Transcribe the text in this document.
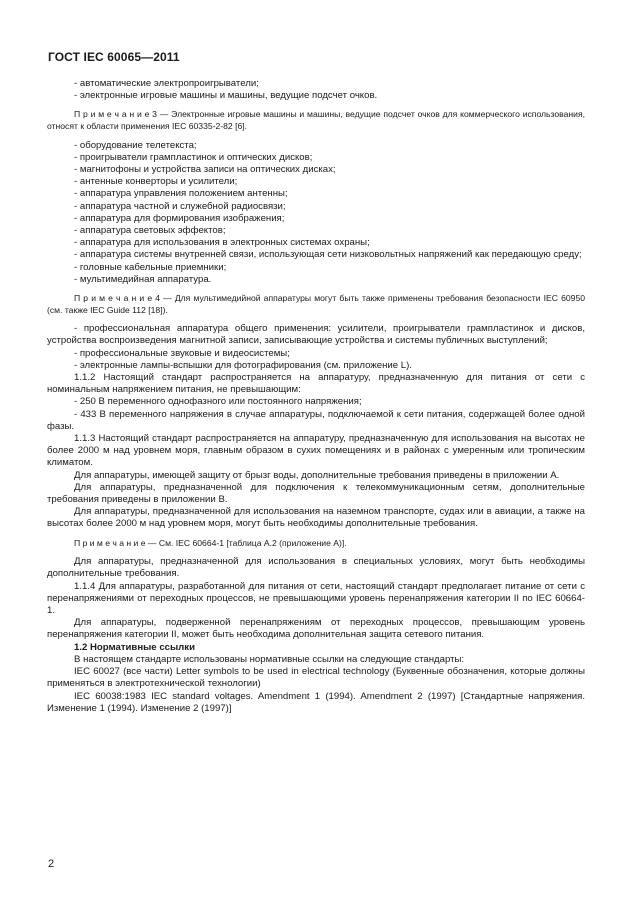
ГОСТ IEC 60065—2011

- автоматические электропроигрыватели;

- электронные игровые машины и машины, ведущие подсчет очков.

П р и м е ч а н и е 3 — Электронные игровые машины и машины, ведущие подсчет очков для коммерческого использования, относят к области применения IEC 60335-2-82 [6].

- оборудование телетекста;

- проигрыватели грампластинок и оптических дисков;

- магнитофоны и устройства записи на оптических дисках;

- антенные конверторы и усилители;

- аппаратура управления положением антенны;

- аппаратура частной и служебной радиосвязи;

- аппаратура для формирования изображения;

- аппаратура световых эффектов;

- аппаратура для использования в электронных системах охраны;

- аппаратура системы внутренней связи, использующая сети низковольтных напряжений как передающую среду;

- головные кабельные приемники;

- мультимедийная аппаратура.

П р и м е ч а н и е 4 — Для мультимедийной аппаратуры могут быть также применены требования безопасности IEC 60950 (см. также IEC Guide 112 [18]).

- профессиональная аппаратура общего применения: усилители, проигрыватели грампластинок и дисков, устройства воспроизведения магнитной записи, записывающие устройства и системы публичных выступлений;

- профессиональные звуковые и видеосистемы;

- электронные лампы-вспышки для фотографирования (см. приложение L).

1.1.2 Настоящий стандарт распространяется на аппаратуру, предназначенную для питания от сети с номинальным напряжением питания, не превышающим:

- 250 В переменного однофазного или постоянного напряжения;

- 433 В переменного напряжения в случае аппаратуры, подключаемой к сети питания, содержащей более одной фазы.

1.1.3 Настоящий стандарт распространяется на аппаратуру, предназначенную для использования на высотах не более 2000 м над уровнем моря, главным образом в сухих помещениях и в районах с умеренным или тропическим климатом.

Для аппаратуры, имеющей защиту от брызг воды, дополнительные требования приведены в приложении А.

Для аппаратуры, предназначенной для подключения к телекоммуникационным сетям, дополнительные требования приведены в приложении В.

Для аппаратуры, предназначенной для использования на наземном транспорте, судах или в авиации, а также на высотах более 2000 м над уровнем моря, могут быть необходимы дополнительные требования.

П р и м е ч а н и е — См. IEC 60664-1 [таблица А.2 (приложение А)].

Для аппаратуры, предназначенной для использования в специальных условиях, могут быть необходимы дополнительные требования.

1.1.4 Для аппаратуры, разработанной для питания от сети, настоящий стандарт предполагает питание от сети с перенапряжениями от переходных процессов, не превышающими уровень перенапряжения категории II по IEC 60664-1.

Для аппаратуры, подверженной перенапряжениям от переходных процессов, превышающим уровень перенапряжения категории II, может быть необходима дополнительная защита сетевого питания.

1.2 Нормативные ссылки

В настоящем стандарте использованы нормативные ссылки на следующие стандарты:

IEC 60027 (все части) Letter symbols to be used in electrical technology (Буквенные обозначения, которые должны применяться в электротехнической технологии)

IEC 60038:1983 IEC standard voltages. Amendment 1 (1994). Amendment 2 (1997) [Стандартные напряжения. Изменение 1 (1994). Изменение 2 (1997)]

2
